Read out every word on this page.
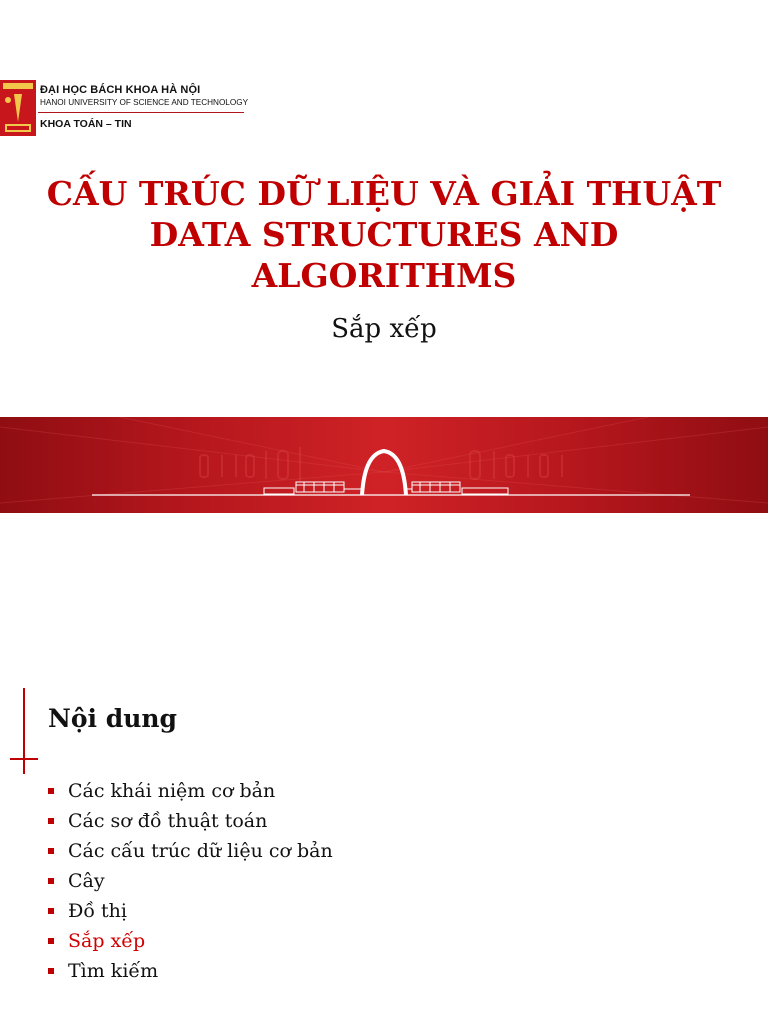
ĐẠI HỌC BÁCH KHOA HÀ NỘI
HANOI UNIVERSITY OF SCIENCE AND TECHNOLOGY
KHOA TOÁN – TIN
CẤU TRÚC DỮ LIỆU VÀ GIẢI THUẬT
DATA STRUCTURES AND
ALGORITHMS
Sắp xếp
Nội dung
Các khái niệm cơ bản
Các sơ đồ thuật toán
Các cấu trúc dữ liệu cơ bản
Cây
Đồ thị
Sắp xếp
Tìm kiếm
